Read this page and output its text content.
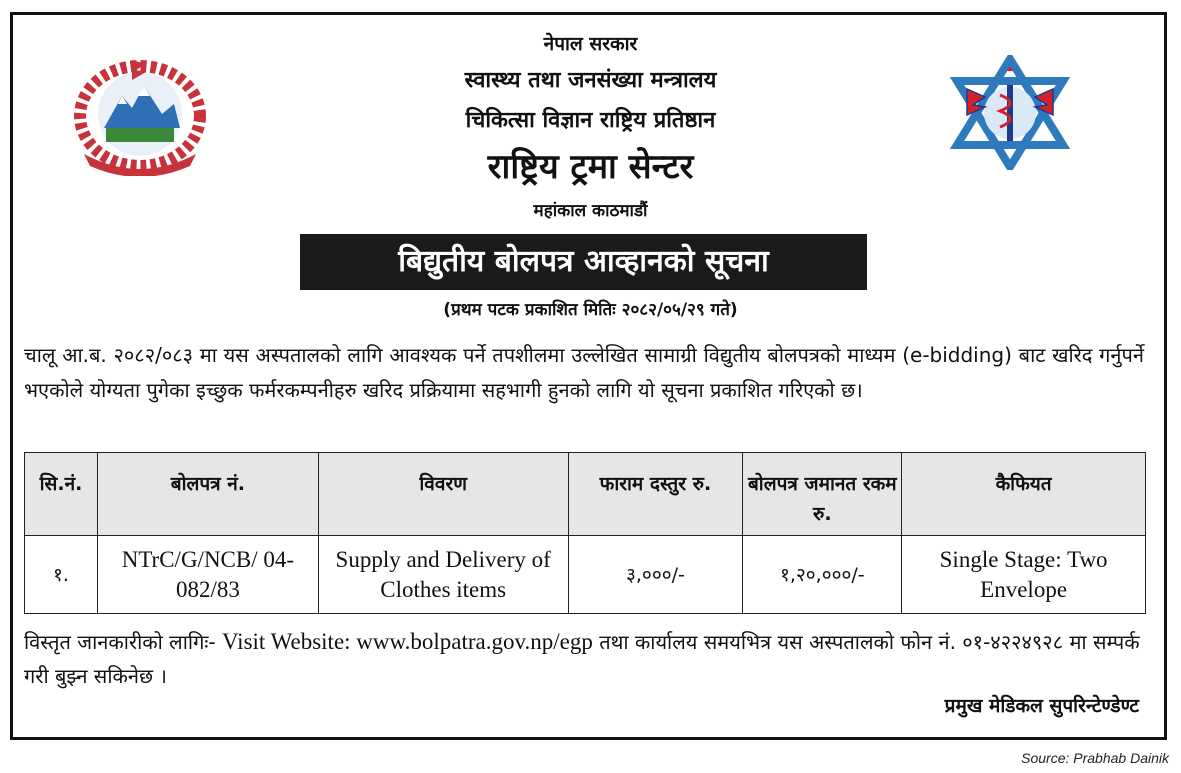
नेपाल सरकार
स्वास्थ्य तथा जनसंख्या मन्त्रालय
चिकित्सा विज्ञान राष्ट्रिय प्रतिष्ठान
राष्ट्रिय ट्रमा सेन्टर
महांकाल काठमाडौं
बिद्युतीय बोलपत्र आव्हानको सूचना
(प्रथम पटक प्रकाशित मितिः २०८२/०५/२९ गते)

चालू आ.ब. २०८२/०८३ मा यस अस्पतालको लागि आवश्यक पर्ने तपशीलमा उल्लेखित सामाग्री विद्युतीय बोलपत्रको माध्यम (e-bidding) बाट खरिद गर्नुपर्ने भएकोले योग्यता पुगेका इच्छुक फर्मरकम्पनीहरु खरिद प्रक्रियामा सहभागी हुनको लागि यो सूचना प्रकाशित गरिएको छ।

सि.नं.	बोलपत्र नं.	विवरण	फाराम दस्तुर रु.	बोलपत्र जमानत रकम रु.	कैफियत
१.	NTrC/G/NCB/ 04-082/83	Supply and Delivery of Clothes items	३,०००/-	१,२०,०००/-	Single Stage: Two Envelope

विस्तृत जानकारीको लागिः- Visit Website: www.bolpatra.gov.np/egp तथा कार्यालय समयभित्र यस अस्पतालको फोन नं. ०१-४२२४९२८ मा सम्पर्क गरी बुझ्न सकिनेछ ।

प्रमुख मेडिकल सुपरिन्टेण्डेण्ट
Source: Prabhab Dainik
